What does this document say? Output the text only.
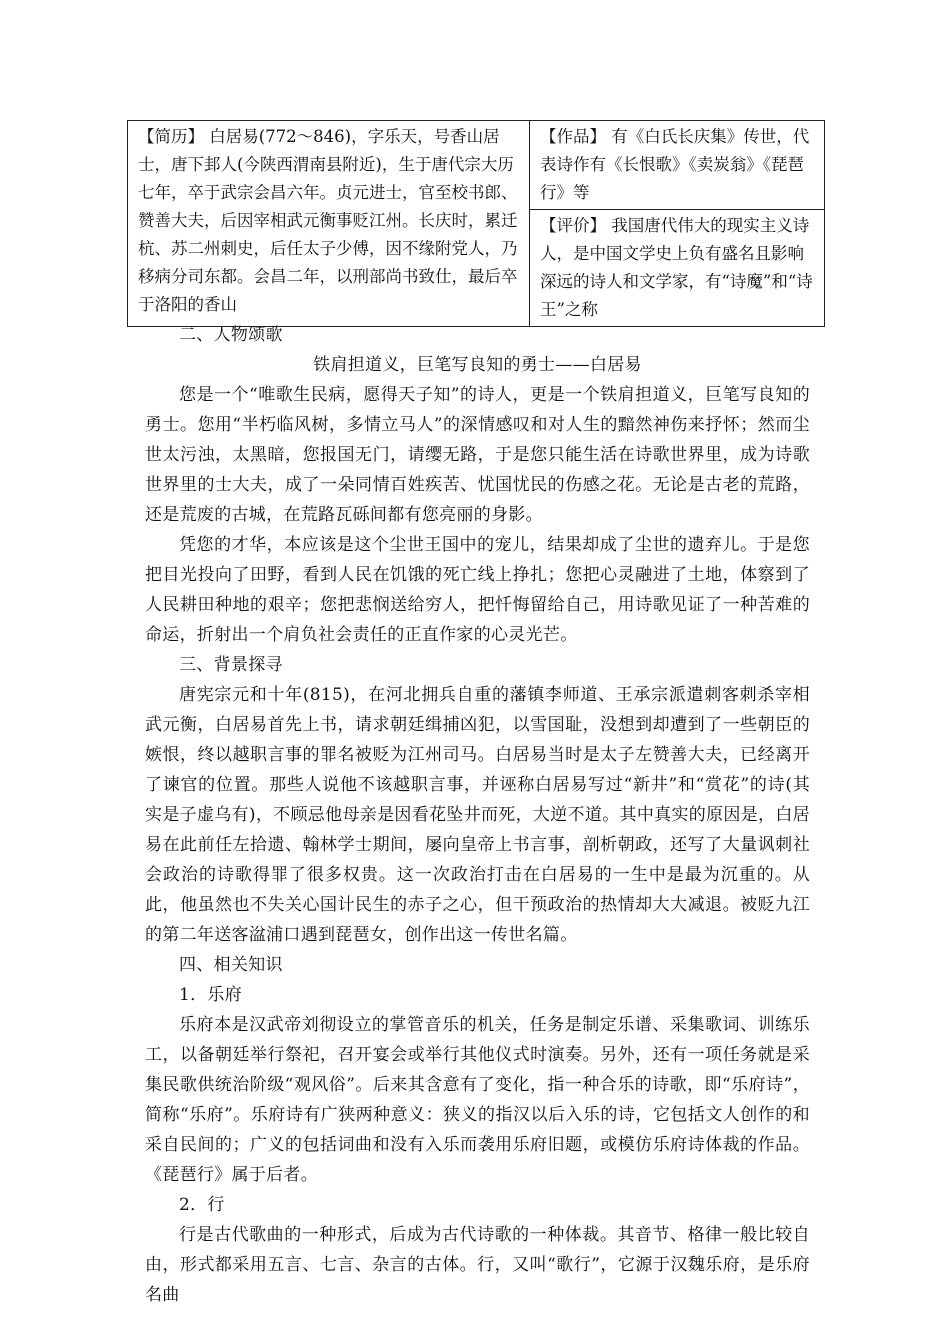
【简历】 白居易(772～846)，字乐天，号香山居士，唐下邽人(今陕西渭南县附近)，生于唐代宗大历七年，卒于武宗会昌六年。贞元进士，官至校书郎、赞善大夫，后因宰相武元衡事贬江州。长庆时，累迁杭、苏二州刺史，后任太子少傅，因不缘附党人，乃移病分司东都。会昌二年，以刑部尚书致仕，最后卒于洛阳的香山	【作品】 有《白氏长庆集》传世，代表诗作有《长恨歌》《卖炭翁》《琵琶行》等
【评价】 我国唐代伟大的现实主义诗人，是中国文学史上负有盛名且影响深远的诗人和文学家，有“诗魔”和“诗王”之称

二、人物颂歌

铁肩担道义，巨笔写良知的勇士——白居易

您是一个“唯歌生民病，愿得天子知”的诗人，更是一个铁肩担道义，巨笔写良知的勇士。您用“半朽临风树，多情立马人”的深情感叹和对人生的黯然神伤来抒怀；然而尘世太污浊，太黑暗，您报国无门，请缨无路，于是您只能生活在诗歌世界里，成为诗歌世界里的士大夫，成了一朵同情百姓疾苦、忧国忧民的伤感之花。无论是古老的荒路，还是荒废的古城，在荒路瓦砾间都有您亮丽的身影。

凭您的才华，本应该是这个尘世王国中的宠儿，结果却成了尘世的遗弃儿。于是您把目光投向了田野，看到人民在饥饿的死亡线上挣扎；您把心灵融进了土地，体察到了人民耕田种地的艰辛；您把悲悯送给穷人，把忏悔留给自己，用诗歌见证了一种苦难的命运，折射出一个肩负社会责任的正直作家的心灵光芒。

三、背景探寻

唐宪宗元和十年(815)，在河北拥兵自重的藩镇李师道、王承宗派遣刺客刺杀宰相武元衡，白居易首先上书，请求朝廷缉捕凶犯，以雪国耻，没想到却遭到了一些朝臣的嫉恨，终以越职言事的罪名被贬为江州司马。白居易当时是太子左赞善大夫，已经离开了谏官的位置。那些人说他不该越职言事，并诬称白居易写过“新井”和“赏花”的诗(其实是子虚乌有)，不顾忌他母亲是因看花坠井而死，大逆不道。其中真实的原因是，白居易在此前任左拾遗、翰林学士期间，屡向皇帝上书言事，剖析朝政，还写了大量讽刺社会政治的诗歌得罪了很多权贵。这一次政治打击在白居易的一生中是最为沉重的。从此，他虽然也不失关心国计民生的赤子之心，但干预政治的热情却大大减退。被贬九江的第二年送客湓浦口遇到琵琶女，创作出这一传世名篇。

四、相关知识

1．乐府

乐府本是汉武帝刘彻设立的掌管音乐的机关，任务是制定乐谱、采集歌词、训练乐工，以备朝廷举行祭祀，召开宴会或举行其他仪式时演奏。另外，还有一项任务就是采集民歌供统治阶级“观风俗”。后来其含意有了变化，指一种合乐的诗歌，即“乐府诗”，简称“乐府”。乐府诗有广狭两种意义：狭义的指汉以后入乐的诗，它包括文人创作的和采自民间的；广义的包括词曲和没有入乐而袭用乐府旧题，或模仿乐府诗体裁的作品。《琵琶行》属于后者。

2．行

行是古代歌曲的一种形式，后成为古代诗歌的一种体裁。其音节、格律一般比较自由，形式都采用五言、七言、杂言的古体。行，又叫“歌行”，它源于汉魏乐府，是乐府名曲
